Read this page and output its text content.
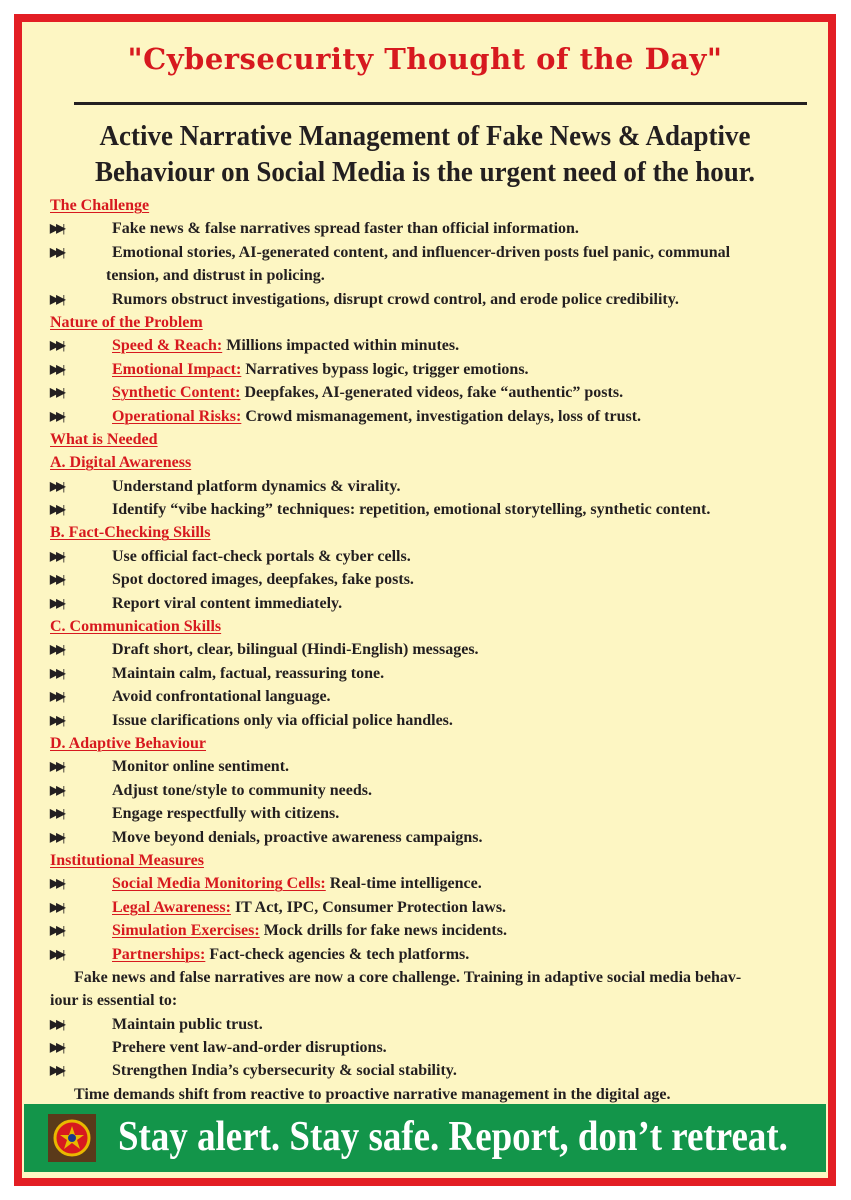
"Cybersecurity Thought of the Day"
Active Narrative Management of Fake News & Adaptive
Behaviour on Social Media is the urgent need of the hour.
The Challenge
▶▶|	Fake news & false narratives spread faster than official information.
▶▶|	Emotional stories, AI-generated content, and influencer-driven posts fuel panic, communal
tension, and distrust in policing.
▶▶|	Rumors obstruct investigations, disrupt crowd control, and erode police credibility.
Nature of the Problem
▶▶|	Speed & Reach: Millions impacted within minutes.
▶▶|	Emotional Impact: Narratives bypass logic, trigger emotions.
▶▶|	Synthetic Content: Deepfakes, AI-generated videos, fake “authentic” posts.
▶▶|	Operational Risks: Crowd mismanagement, investigation delays, loss of trust.
What is Needed
A. Digital Awareness
▶▶|	Understand platform dynamics & virality.
▶▶|	Identify “vibe hacking” techniques: repetition, emotional storytelling, synthetic content.
B. Fact-Checking Skills
▶▶|	Use official fact-check portals & cyber cells.
▶▶|	Spot doctored images, deepfakes, fake posts.
▶▶|	Report viral content immediately.
C. Communication Skills
▶▶|	Draft short, clear, bilingual (Hindi-English) messages.
▶▶|	Maintain calm, factual, reassuring tone.
▶▶|	Avoid confrontational language.
▶▶|	Issue clarifications only via official police handles.
D. Adaptive Behaviour
▶▶|	Monitor online sentiment.
▶▶|	Adjust tone/style to community needs.
▶▶|	Engage respectfully with citizens.
▶▶|	Move beyond denials, proactive awareness campaigns.
Institutional Measures
▶▶|	Social Media Monitoring Cells: Real-time intelligence.
▶▶|	Legal Awareness: IT Act, IPC, Consumer Protection laws.
▶▶|	Simulation Exercises: Mock drills for fake news incidents.
▶▶|	Partnerships: Fact-check agencies & tech platforms.
Fake news and false narratives are now a core challenge. Training in adaptive social media behav-
iour is essential to:
▶▶|	Maintain public trust.
▶▶|	Prehere vent law-and-order disruptions.
▶▶|	Strengthen India’s cybersecurity & social stability.
Time demands shift from reactive to proactive narrative management in the digital age.
Stay alert. Stay safe. Report, don’t retreat.
